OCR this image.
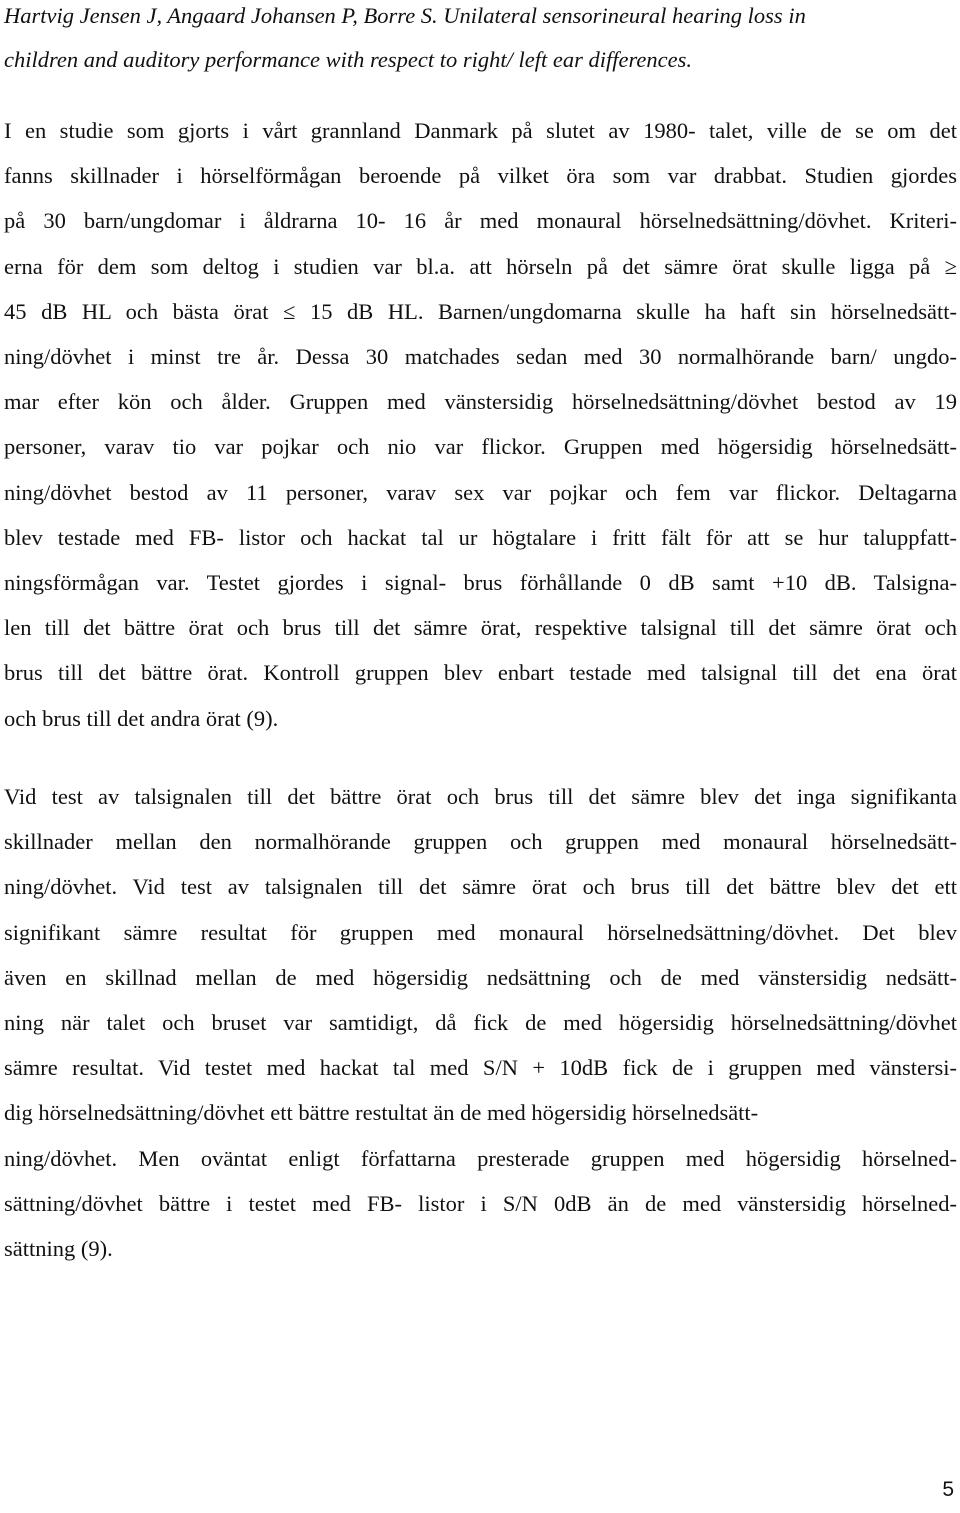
Hartvig Jensen J, Angaard Johansen P, Borre S. Unilateral sensorineural hearing loss in
children and auditory performance with respect to right/ left ear differences.

I en studie som gjorts i vårt grannland Danmark på slutet av 1980- talet, ville de se om det
fanns skillnader i hörselförmågan beroende på vilket öra som var drabbat. Studien gjordes
på 30 barn/ungdomar i åldrarna 10- 16 år med monaural hörselnedsättning/dövhet. Kriteri-
erna för dem som deltog i studien var bl.a. att hörseln på det sämre örat skulle ligga på ≥
45 dB HL och bästa örat ≤ 15 dB HL. Barnen/ungdomarna skulle ha haft sin hörselnedsätt-
ning/dövhet i minst tre år. Dessa 30 matchades sedan med 30 normalhörande barn/ ungdo-
mar efter kön och ålder. Gruppen med vänstersidig hörselnedsättning/dövhet bestod av 19
personer, varav tio var pojkar och nio var flickor. Gruppen med högersidig hörselnedsätt-
ning/dövhet bestod av 11 personer, varav sex var pojkar och fem var flickor. Deltagarna
blev testade med FB- listor och hackat tal ur högtalare i fritt fält för att se hur taluppfatt-
ningsförmågan var. Testet gjordes i signal- brus förhållande 0 dB samt +10 dB. Talsigna-
len till det bättre örat och brus till det sämre örat, respektive talsignal till det sämre örat och
brus till det bättre örat. Kontroll gruppen blev enbart testade med talsignal till det ena örat
och brus till det andra örat (9).

Vid test av talsignalen till det bättre örat och brus till det sämre blev det inga signifikanta
skillnader mellan den normalhörande gruppen och gruppen med monaural hörselnedsätt-
ning/dövhet. Vid test av talsignalen till det sämre örat och brus till det bättre blev det ett
signifikant sämre resultat för gruppen med monaural hörselnedsättning/dövhet. Det blev
även en skillnad mellan de med högersidig nedsättning och de med vänstersidig nedsätt-
ning när talet och bruset var samtidigt, då fick de med högersidig hörselnedsättning/dövhet
sämre resultat. Vid testet med hackat tal med S/N + 10dB fick de i gruppen med vänstersi-
dig hörselnedsättning/dövhet ett bättre restultat än de med högersidig hörselnedsätt-
ning/dövhet. Men oväntat enligt författarna presterade gruppen med högersidig hörselned-
sättning/dövhet bättre i testet med FB- listor i S/N 0dB än de med vänstersidig hörselned-
sättning (9).

5
